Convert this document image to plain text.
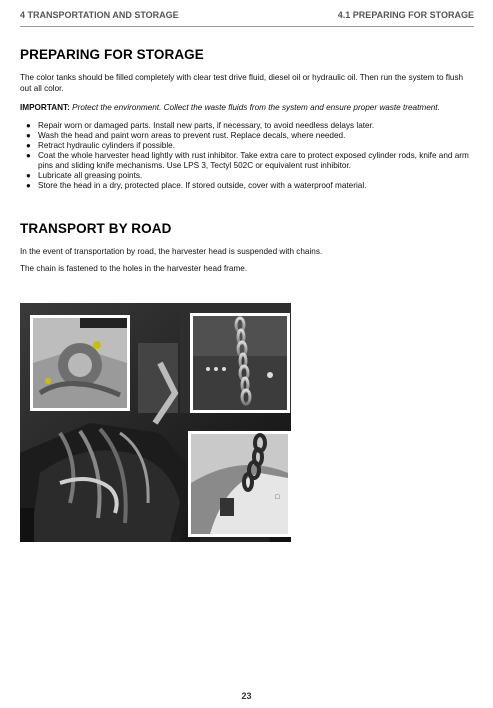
4 TRANSPORTATION AND STORAGE	4.1 PREPARING FOR STORAGE
PREPARING FOR STORAGE

The color tanks should be filled completely with clear test drive fluid, diesel oil or hydraulic oil. Then run the system to flush out all color.

IMPORTANT: Protect the environment. Collect the waste fluids from the system and ensure proper waste treatment.

● Repair worn or damaged parts. Install new parts, if necessary, to avoid needless delays later.
● Wash the head and paint worn areas to prevent rust. Replace decals, where needed.
● Retract hydraulic cylinders if possible.
● Coat the whole harvester head lightly with rust inhibitor. Take extra care to protect exposed cylinder rods, knife and arm pins and sliding knife mechanisms. Use LPS 3, Tectyl 502C or equivalent rust inhibitor.
● Lubricate all greasing points.
● Store the head in a dry, protected place. If stored outside, cover with a waterproof material.
TRANSPORT BY ROAD

In the event of transportation by road, the harvester head is suspended with chains.

The chain is fastened to the holes in the harvester head frame.

□
23
